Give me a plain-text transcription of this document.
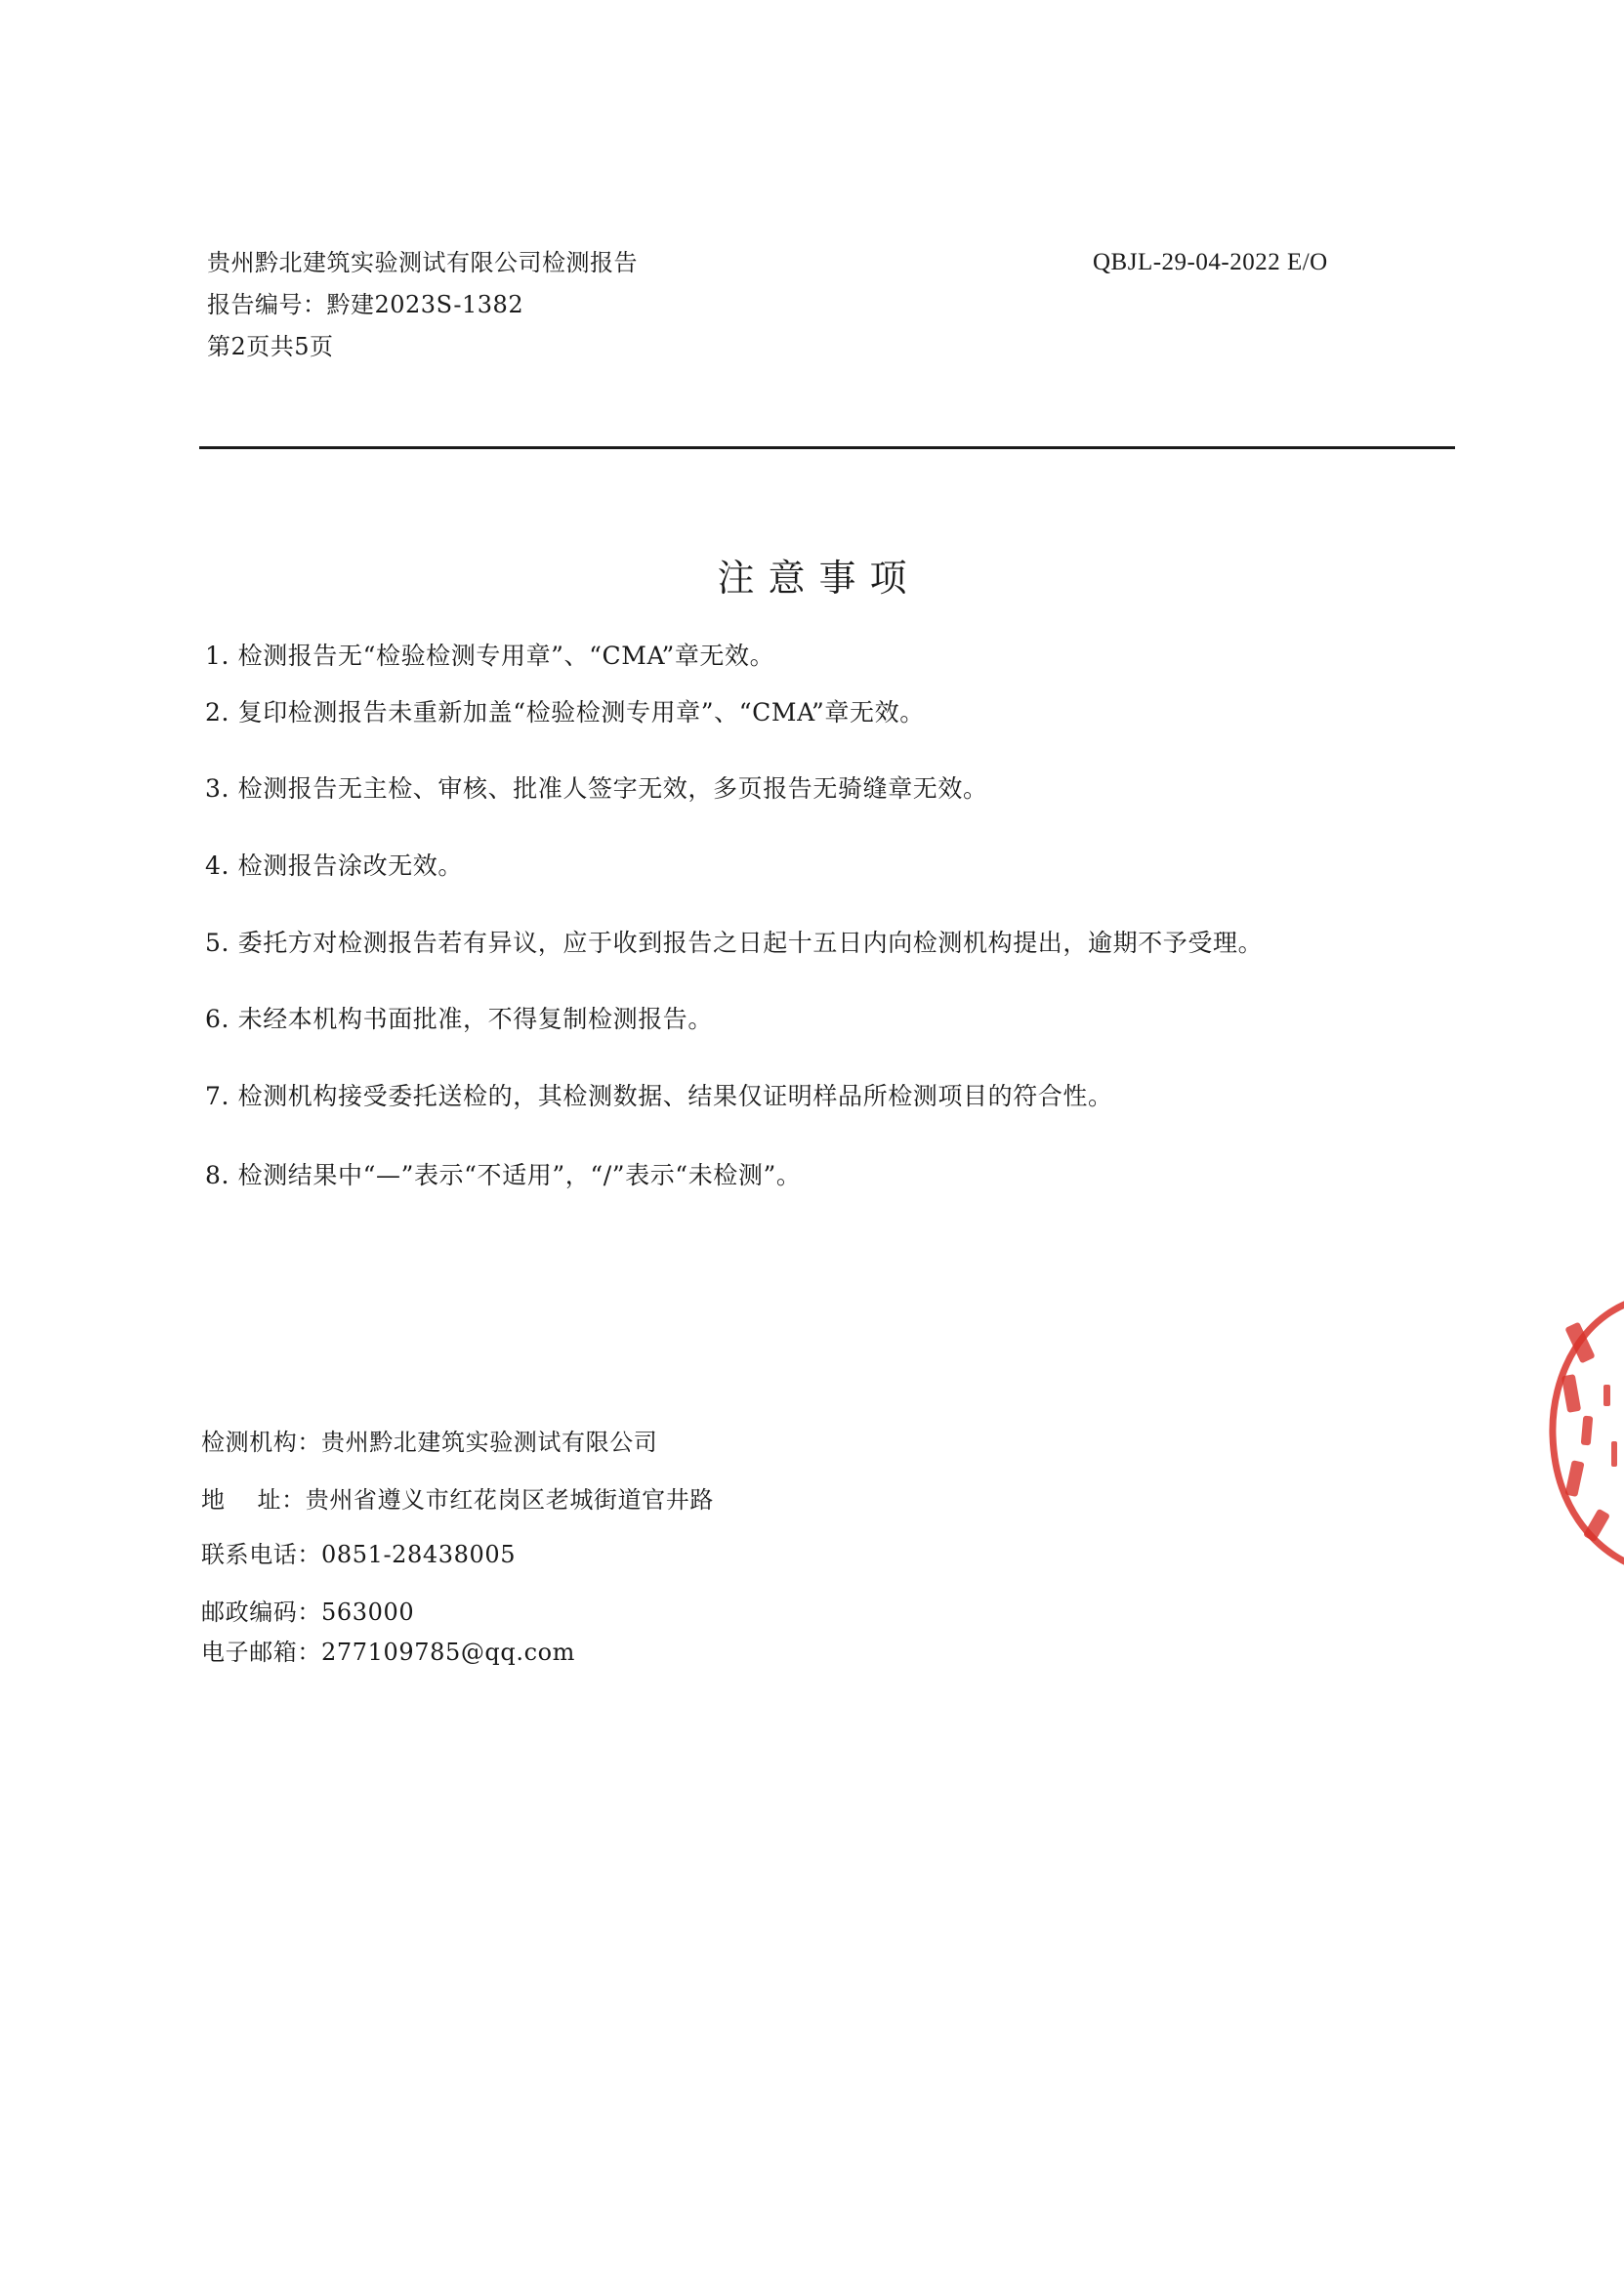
贵州黔北建筑实验测试有限公司检测报告	QBJL-29-04-2022 E/O
报告编号：黔建2023S-1382
第2页共5页
注意事项
1. 检测报告无“检验检测专用章”、“CMA”章无效。
2. 复印检测报告未重新加盖“检验检测专用章”、“CMA”章无效。
3. 检测报告无主检、审核、批准人签字无效，多页报告无骑缝章无效。
4. 检测报告涂改无效。
5. 委托方对检测报告若有异议，应于收到报告之日起十五日内向检测机构提出，逾期不予受理。
6. 未经本机构书面批准，不得复制检测报告。
7. 检测机构接受委托送检的，其检测数据、结果仅证明样品所检测项目的符合性。
8. 检测结果中“—”表示“不适用”，“/”表示“未检测”。
检测机构：贵州黔北建筑实验测试有限公司
地    址：贵州省遵义市红花岗区老城街道官井路
联系电话：0851-28438005
邮政编码：563000
电子邮箱：277109785@qq.com
